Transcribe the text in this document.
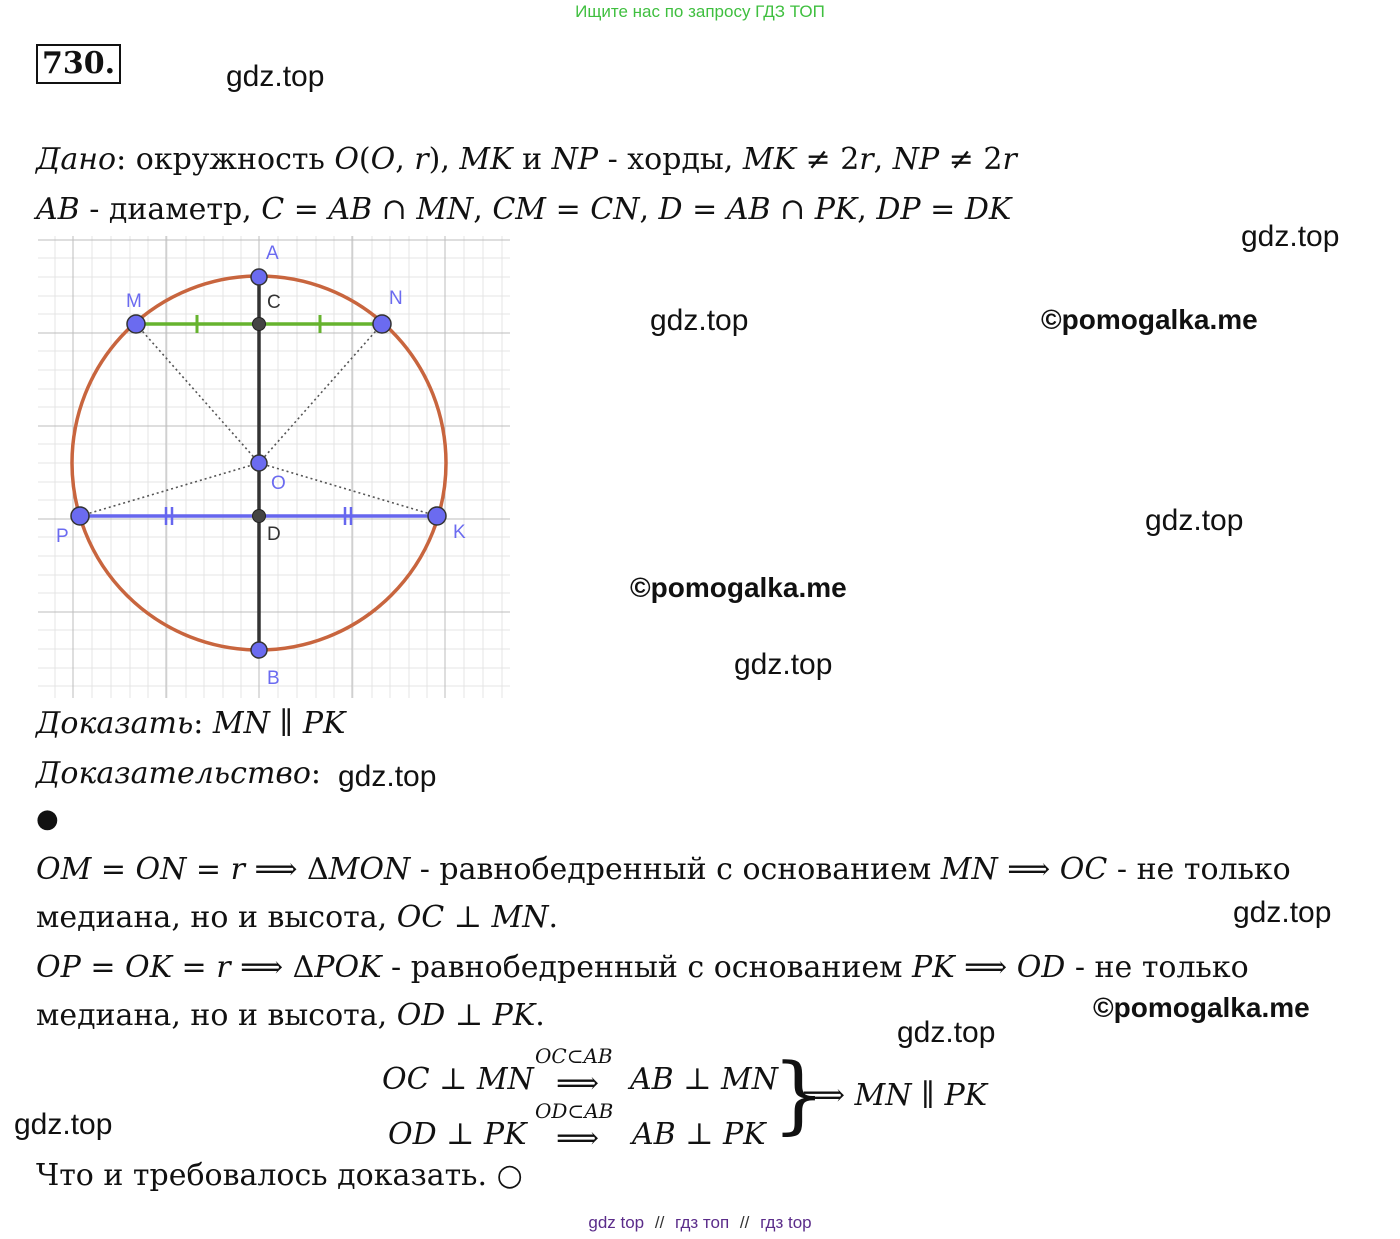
Ищите нас по запросу ГДЗ ТОП
730.	gdz.top
gdz.top
gdz.top	©pomogalka.me
gdz.top
©pomogalka.me
gdz.top
gdz.top
gdz.top
©pomogalka.me
gdz.top
gdz.top
Дано: окружность 𝑂(𝑂, 𝑟), 𝑀𝐾 и 𝑁𝑃 - хорды, 𝑀𝐾 ≠ 2𝑟, 𝑁𝑃 ≠ 2𝑟
𝐴𝐵 - диаметр, 𝐶 = 𝐴𝐵 ∩ 𝑀𝑁, 𝐶𝑀 = 𝐶𝑁, 𝐷 = 𝐴𝐵 ∩ 𝑃𝐾, 𝐷𝑃 = 𝐷𝐾
A
C
M	N
O
P	D	K
B
Доказать: 𝑀𝑁 ∥ 𝑃𝐾
Доказательство:
●
𝑂𝑀 = 𝑂𝑁 = 𝑟 ⟹ Δ𝑀𝑂𝑁 - равнобедренный с основанием 𝑀𝑁 ⟹ 𝑂𝐶 - не только
медиана, но и высота, 𝑂𝐶 ⊥ 𝑀𝑁.
𝑂𝑃 = 𝑂𝐾 = 𝑟 ⟹ Δ𝑃𝑂𝐾 - равнобедренный с основанием 𝑃𝐾 ⟹ 𝑂𝐷 - не только
медиана, но и высота, 𝑂𝐷 ⊥ 𝑃𝐾.
𝑂𝐶 ⊥ 𝑀𝑁
𝑂𝐶⊂𝐴𝐵
⟹ 𝐴𝐵 ⊥ 𝑀𝑁
𝑂𝐷 ⊥ 𝑃𝐾
𝑂𝐷⊂𝐴𝐵
⟹ 𝐴𝐵 ⊥ 𝑃𝐾 }
⟹ 𝑀𝑁 ∥ 𝑃𝐾
Что и требовалось доказать. ○
gdz top // гдз топ // гдз top
